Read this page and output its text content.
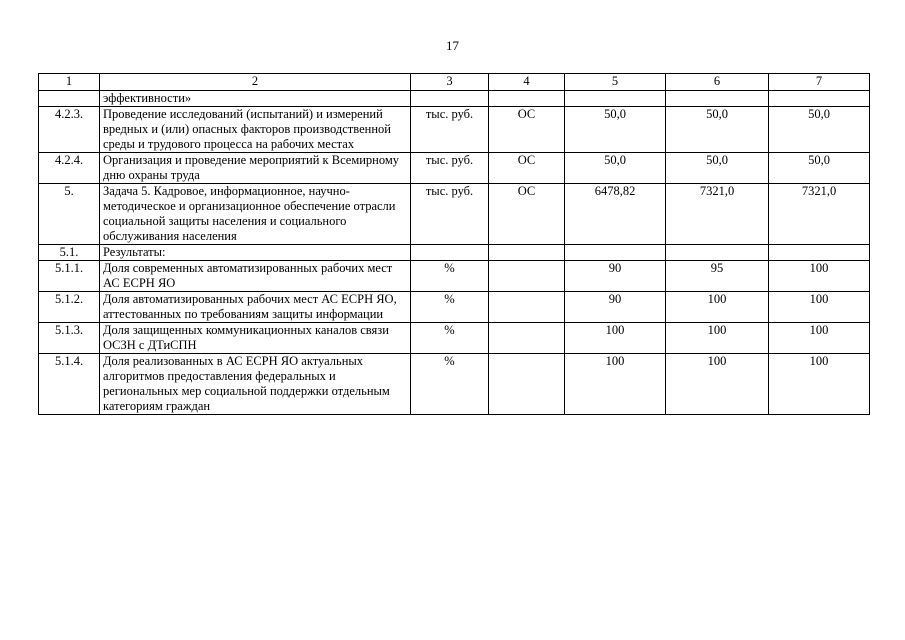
17
1	2	3	4	5	6	7
	эффективности»					
4.2.3.	Проведение исследований (испытаний) и измерений вредных и (или) опасных факторов производственной среды и трудового процесса на рабочих местах	тыс. руб.	ОС	50,0	50,0	50,0
4.2.4.	Организация и проведение мероприятий к Всемирному дню охраны труда	тыс. руб.	ОС	50,0	50,0	50,0
5.	Задача 5. Кадровое, информационное, научно-методическое и организационное обеспечение отрасли социальной защиты населения и социального обслуживания населения	тыс. руб.	ОС	6478,82	7321,0	7321,0
5.1.	Результаты:					
5.1.1.	Доля современных автоматизированных рабочих мест АС ЕСРН ЯО	%		90	95	100
5.1.2.	Доля автоматизированных рабочих мест АС ЕСРН ЯО, аттестованных по требованиям защиты информации	%		90	100	100
5.1.3.	Доля защищенных коммуникационных каналов связи ОСЗН с ДТиСПН	%		100	100	100
5.1.4.	Доля реализованных в АС ЕСРН ЯО актуальных алгоритмов предоставления федеральных и региональных мер социальной поддержки отдельным категориям граждан	%		100	100	100
